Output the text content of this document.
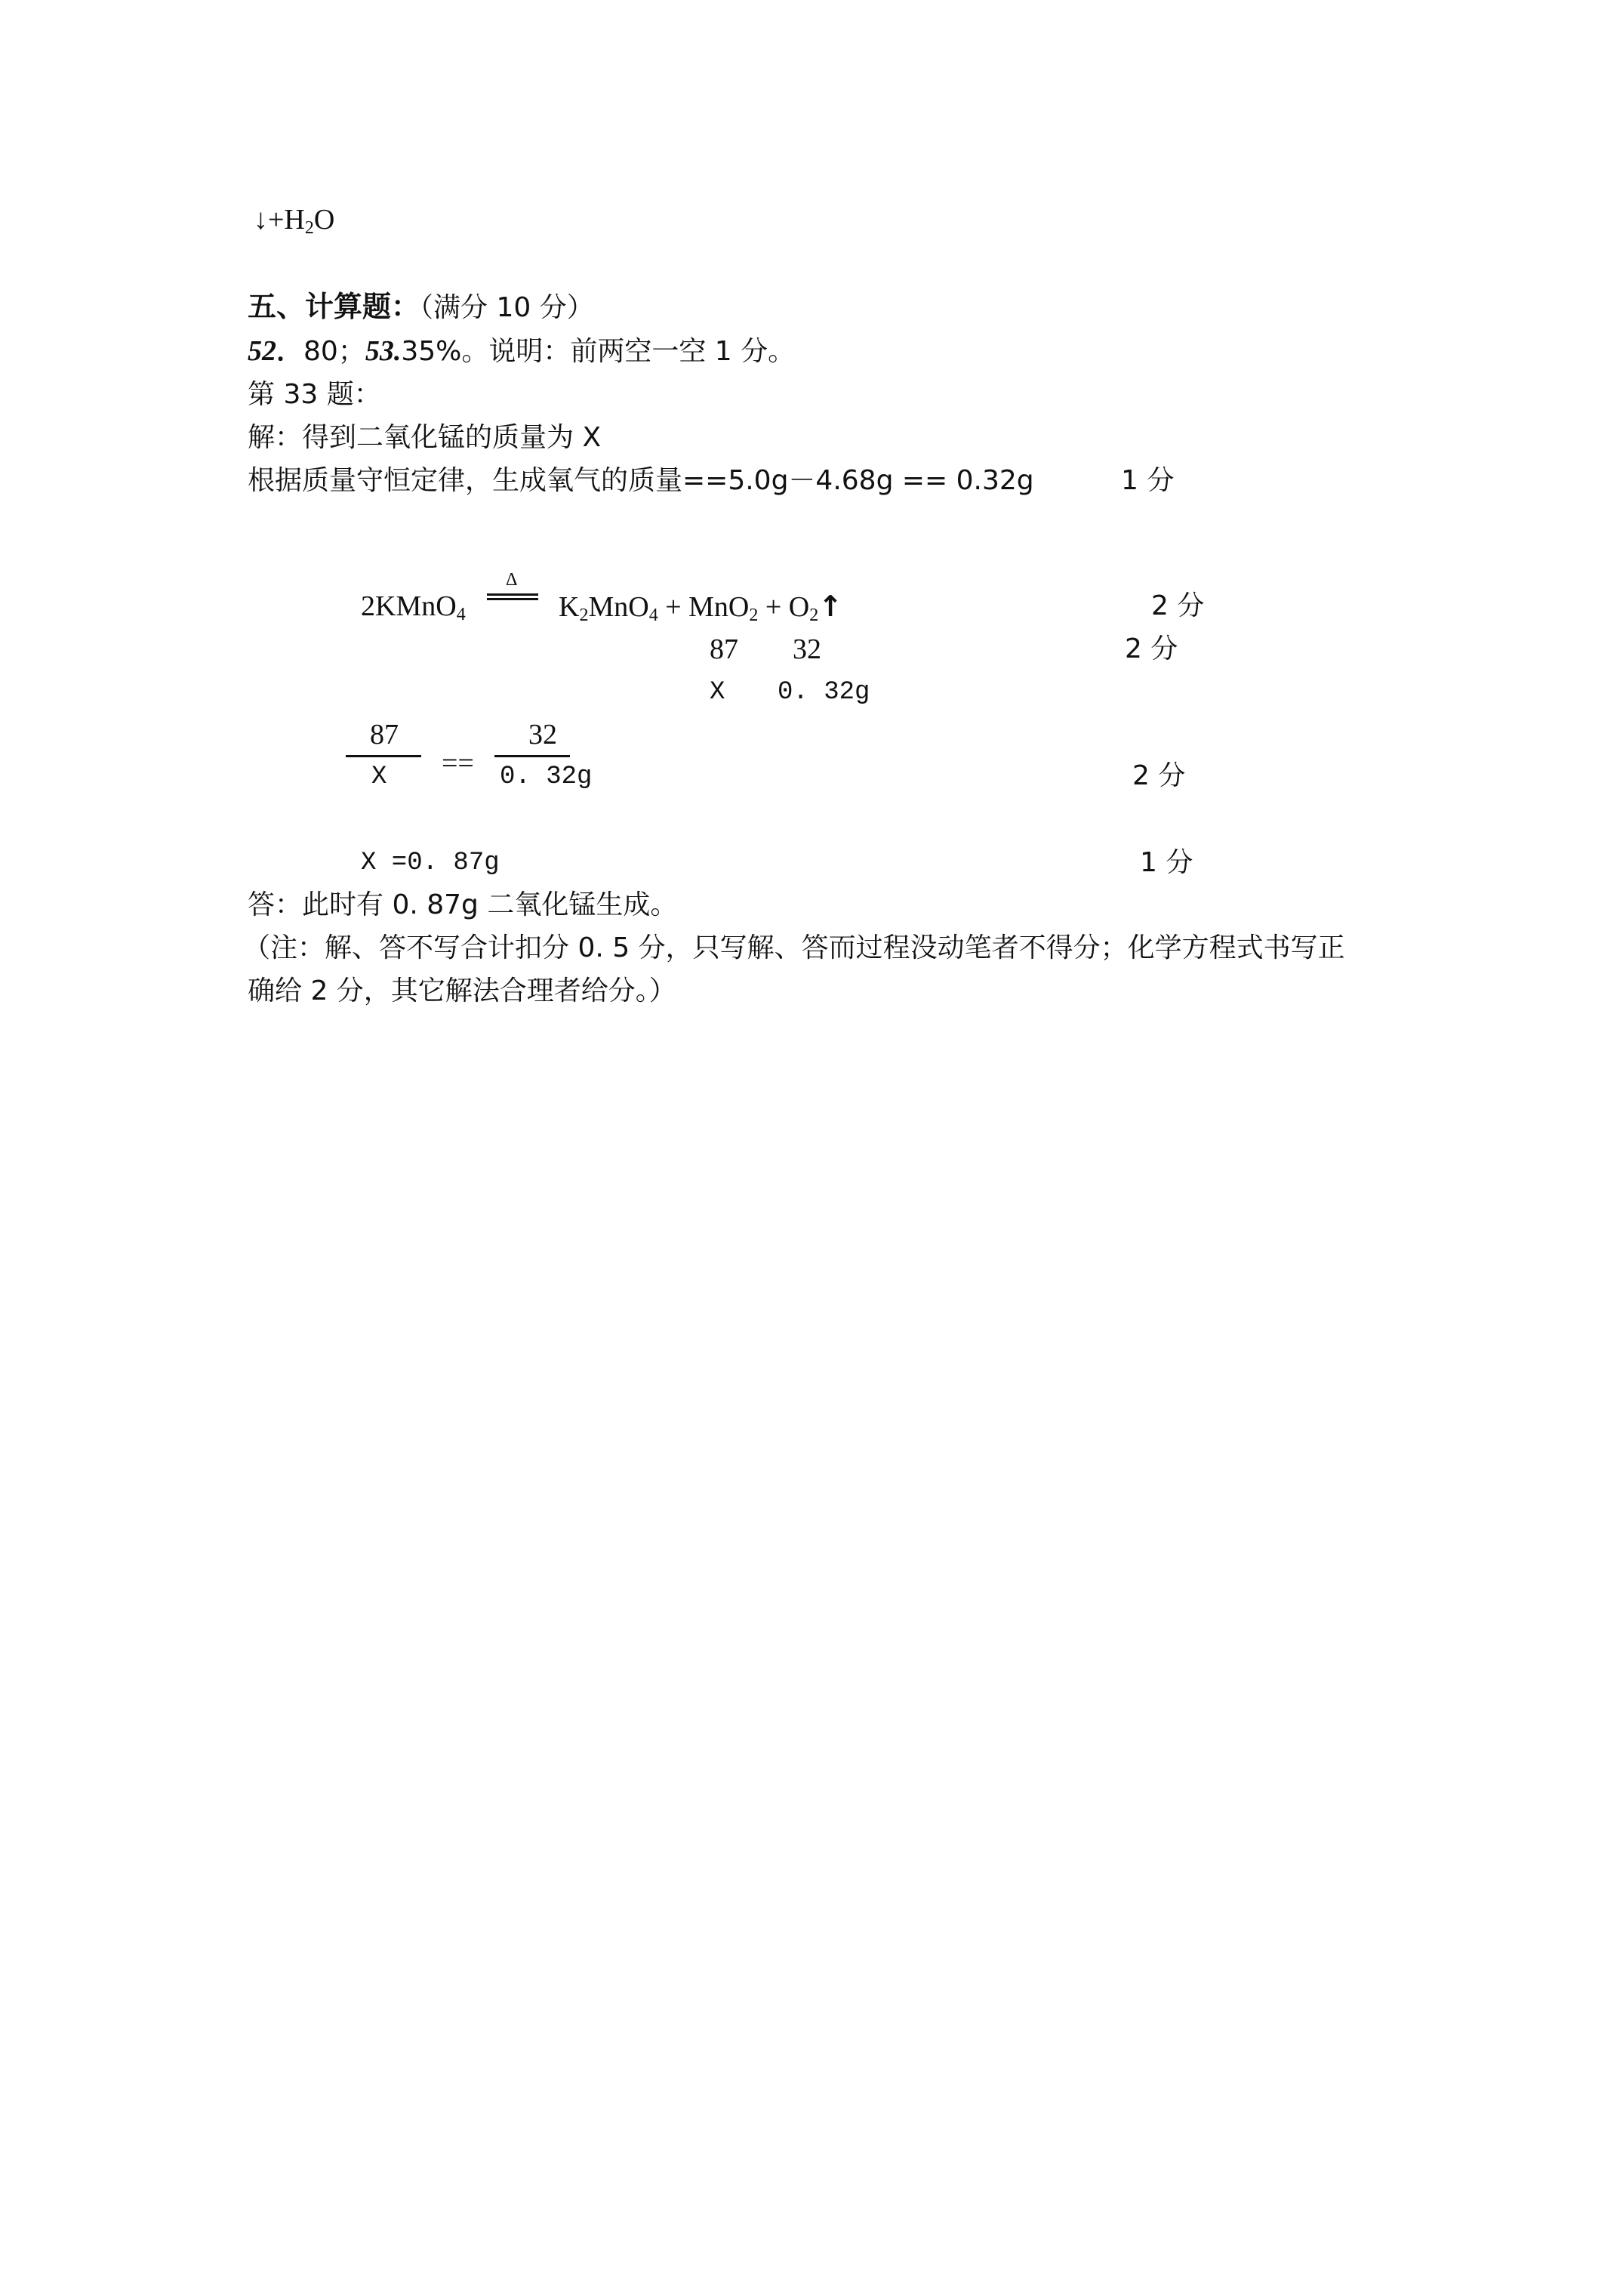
$↓+H_2O$
五、计算题：（满分 10 分）
52．80；53.35%。说明：前两空一空 1 分。
第 33 题：
解：得到二氧化锰的质量为 X
根据质量守恒定律，生成氧气的质量==5.0g－4.68g == 0.32g	1 分
2KMnO$_4$
Δ
$K_2MnO_4 + MnO_2$ + $O_2↑$	2 分
87 32	2 分
X 0. 32g
87
X ==
32
0. 32g	2 分
X =0. 87g	1 分
答：此时有 0. 87g 二氧化锰生成。
（注：解、答不写合计扣分 0. 5 分，只写解、答而过程没动笔者不得分；化学方程式书写正
确给 2 分，其它解法合理者给分。）
